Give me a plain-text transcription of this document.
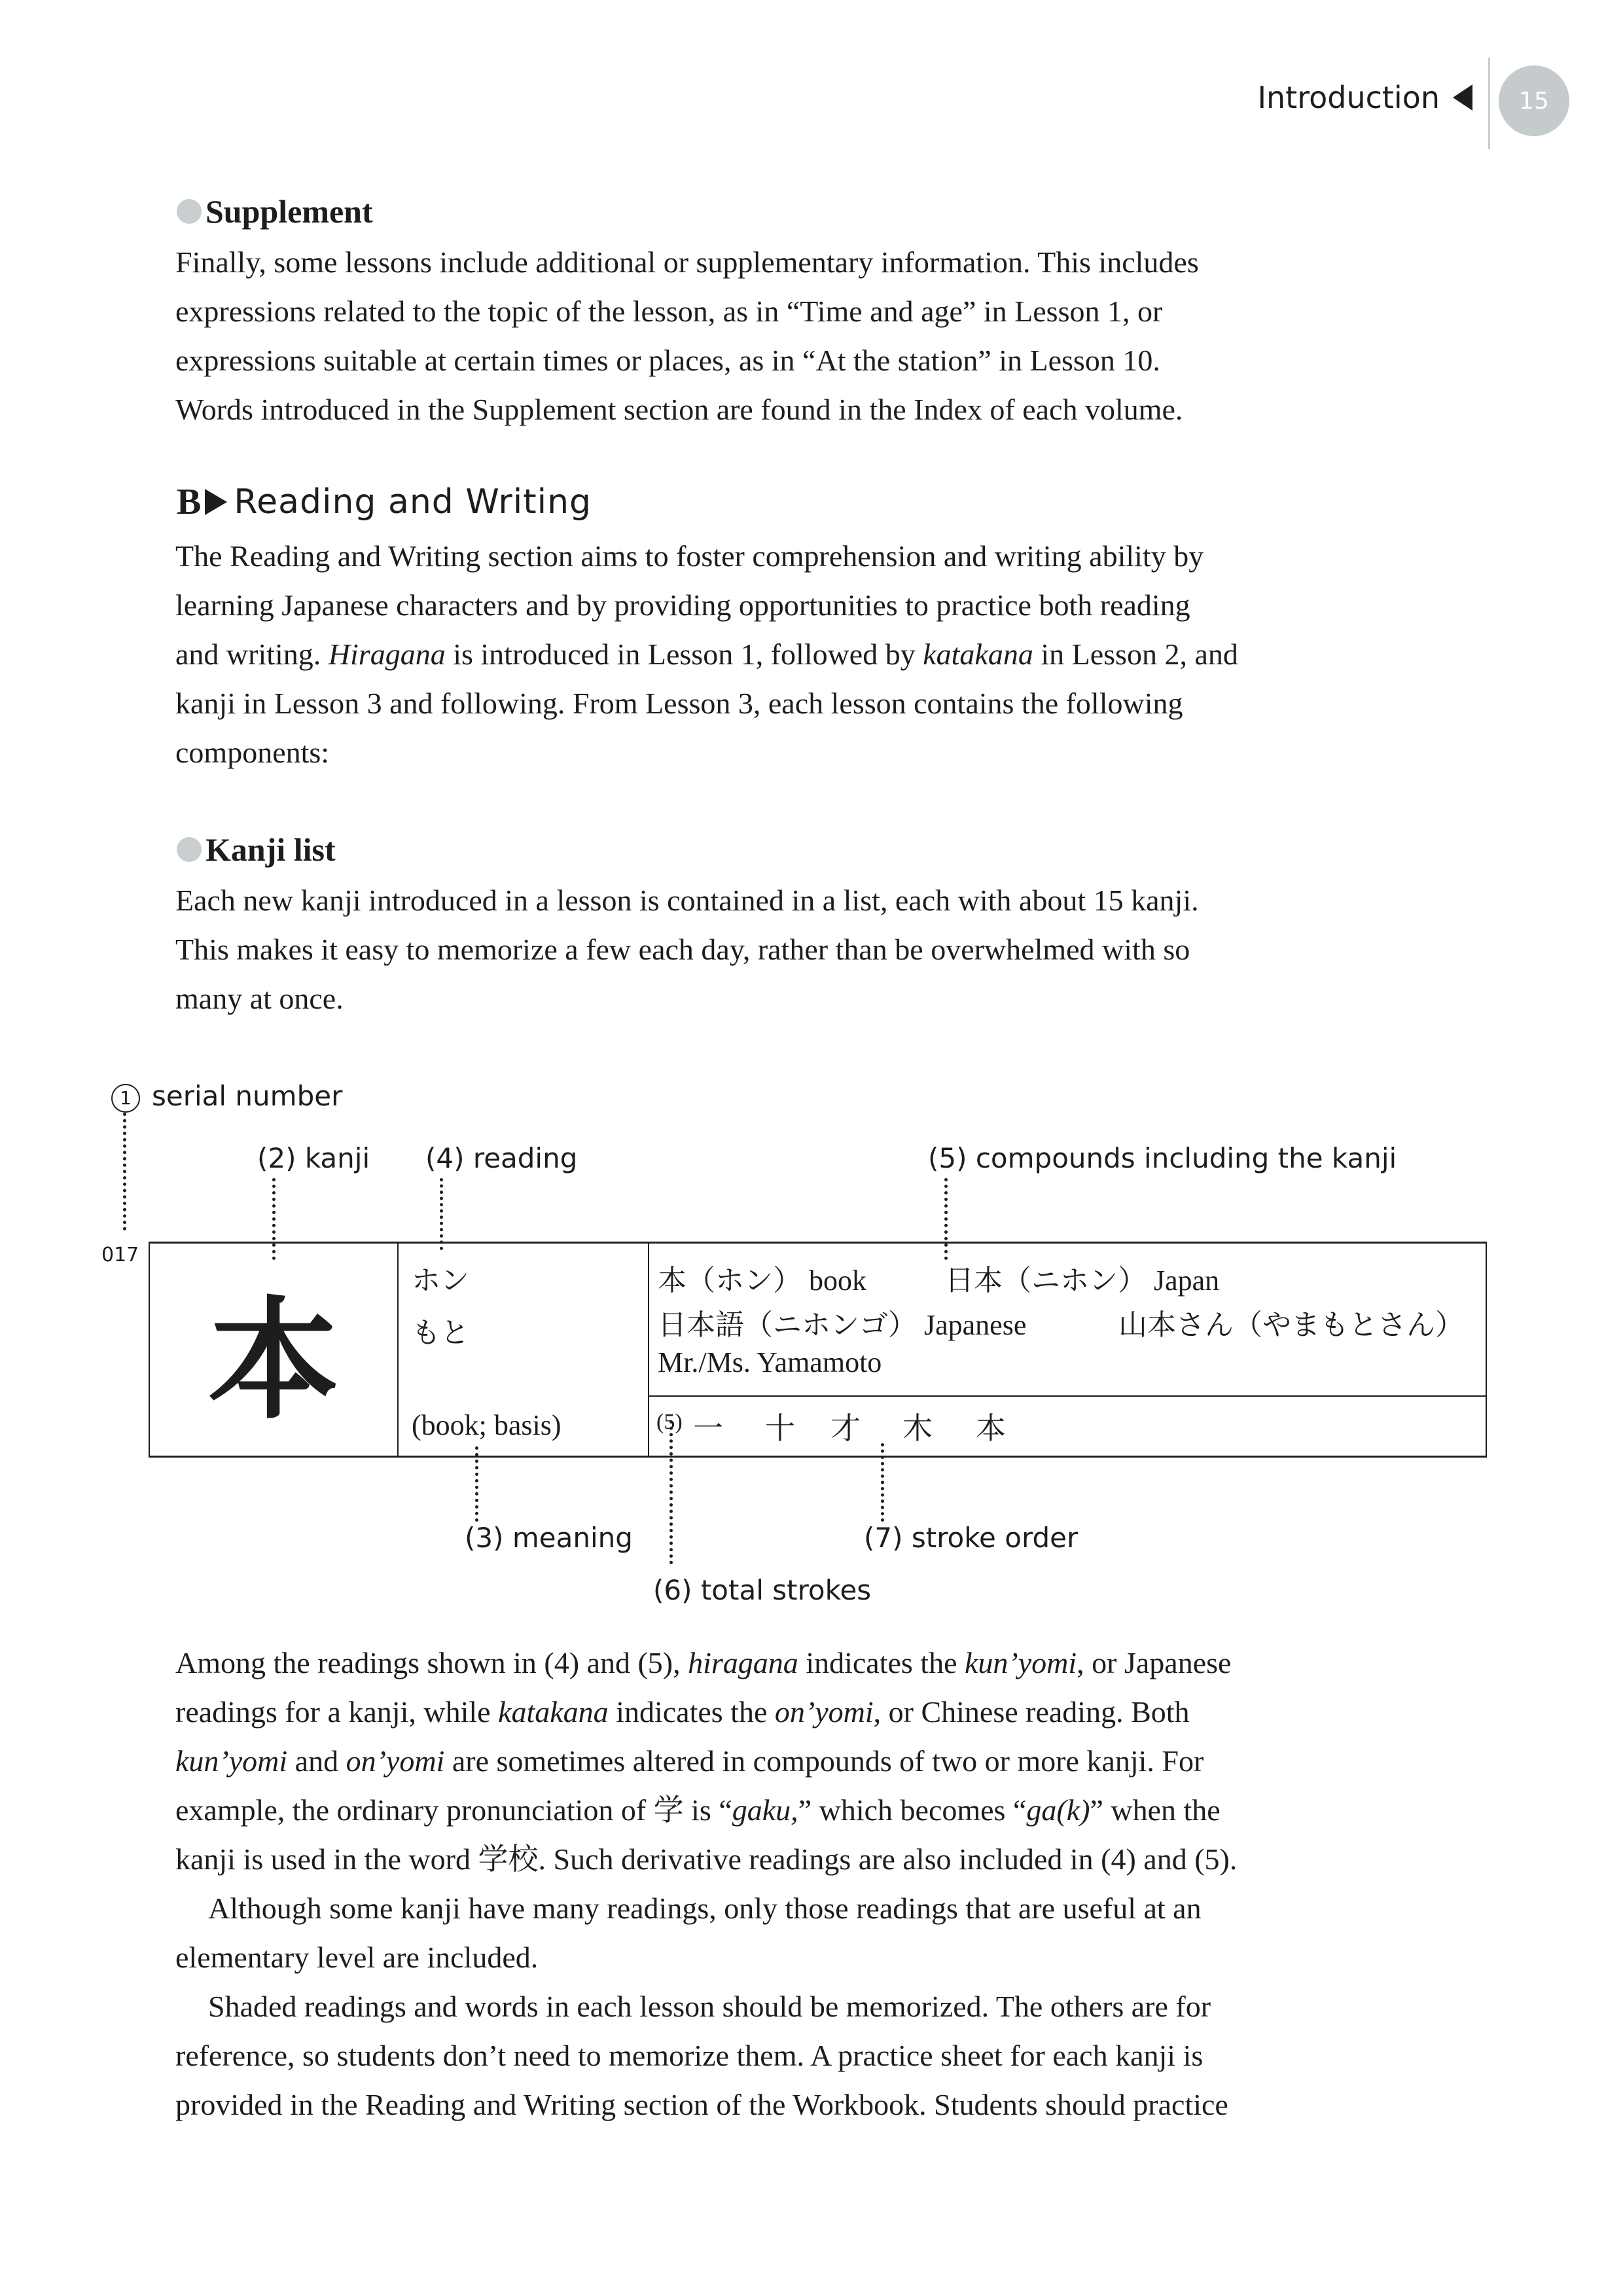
Introduction	15
Supplement
Finally, some lessons include additional or supplementary information. This includes
expressions related to the topic of the lesson, as in “Time and age” in Lesson 1, or
expressions suitable at certain times or places, as in “At the station” in Lesson 10.
Words introduced in the Supplement section are found in the Index of each volume.
B Reading and Writing
The Reading and Writing section aims to foster comprehension and writing ability by
learning Japanese characters and by providing opportunities to practice both reading
and writing. Hiragana is introduced in Lesson 1, followed by katakana in Lesson 2, and
kanji in Lesson 3 and following. From Lesson 3, each lesson contains the following
components:
Kanji list
Each new kanji introduced in a lesson is contained in a list, each with about 15 kanji.
This makes it easy to memorize a few each day, rather than be overwhelmed with so
many at once.
1 serial number
017
(2) kanji (4) reading	(5) compounds including the kanji
本
ホン
もと
(book; basis)
本（ホン） book	日本（ニホン） Japan
日本語（ニホンゴ） Japanese	山本さん（やまもとさん）
Mr./Ms. Yamamoto
(5) 一 十 才 木 本
(3) meaning
(6) total strokes
(7) stroke order
Among the readings shown in (4) and (5), hiragana indicates the kun’yomi, or Japanese
readings for a kanji, while katakana indicates the on’yomi, or Chinese reading. Both
kun’yomi and on’yomi are sometimes altered in compounds of two or more kanji. For
example, the ordinary pronunciation of 学 is “gaku,” which becomes “ga(k)” when the
kanji is used in the word 学校. Such derivative readings are also included in (4) and (5).
Although some kanji have many readings, only those readings that are useful at an
elementary level are included.
Shaded readings and words in each lesson should be memorized. The others are for
reference, so students don’t need to memorize them. A practice sheet for each kanji is
provided in the Reading and Writing section of the Workbook. Students should practice
